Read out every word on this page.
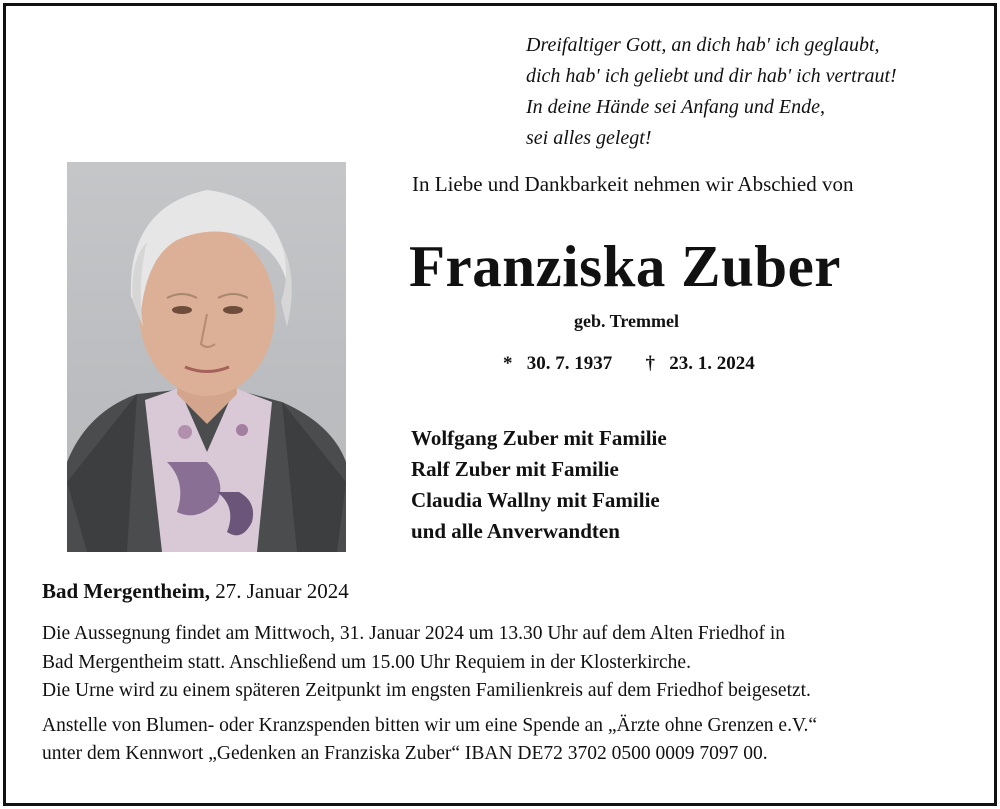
Dreifaltiger Gott, an dich hab' ich geglaubt,
dich hab' ich geliebt und dir hab' ich vertraut!
In deine Hände sei Anfang und Ende,
sei alles gelegt!
In Liebe und Dankbarkeit nehmen wir Abschied von
Franziska Zuber
geb. Tremmel
* 30. 7. 1937 † 23. 1. 2024
Wolfgang Zuber mit Familie
Ralf Zuber mit Familie
Claudia Wallny mit Familie
und alle Anverwandten
Bad Mergentheim, 27. Januar 2024
Die Aussegnung findet am Mittwoch, 31. Januar 2024 um 13.30 Uhr auf dem Alten Friedhof in
Bad Mergentheim statt. Anschließend um 15.00 Uhr Requiem in der Klosterkirche.
Die Urne wird zu einem späteren Zeitpunkt im engsten Familienkreis auf dem Friedhof beigesetzt.
Anstelle von Blumen- oder Kranzspenden bitten wir um eine Spende an „Ärzte ohne Grenzen e.V.“
unter dem Kennwort „Gedenken an Franziska Zuber“ IBAN DE72 3702 0500 0009 7097 00.
